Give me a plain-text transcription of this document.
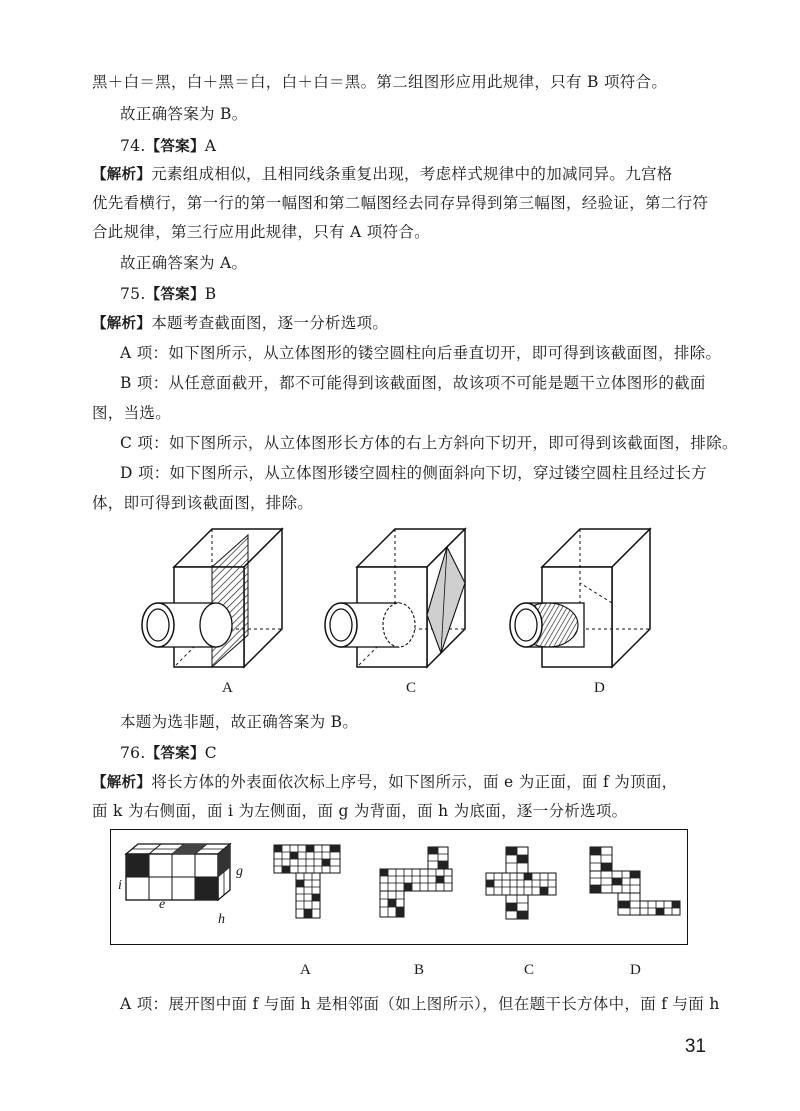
黑＋白＝黑，白＋黑＝白，白＋白＝黑。第二组图形应用此规律，只有 B 项符合。
故正确答案为 B。
74.【答案】A
【解析】元素组成相似，且相同线条重复出现，考虑样式规律中的加减同异。九宫格
优先看横行，第一行的第一幅图和第二幅图经去同存异得到第三幅图，经验证，第二行符
合此规律，第三行应用此规律，只有 A 项符合。
故正确答案为 A。
75.【答案】B
【解析】本题考查截面图，逐一分析选项。
A 项：如下图所示，从立体图形的镂空圆柱向后垂直切开，即可得到该截面图，排除。
B 项：从任意面截开，都不可能得到该截面图，故该项不可能是题干立体图形的截面
图，当选。
C 项：如下图所示，从立体图形长方体的右上方斜向下切开，即可得到该截面图，排除。
D 项：如下图所示，从立体图形镂空圆柱的侧面斜向下切，穿过镂空圆柱且经过长方
体，即可得到该截面图，排除。
A	C	D
本题为选非题，故正确答案为 B。
76.【答案】C
【解析】将长方体的外表面依次标上序号，如下图所示，面 e 为正面，面 f 为顶面，
面 k 为右侧面，面 i 为左侧面，面 g 为背面，面 h 为底面，逐一分析选项。
i
e
g
h
A	B	C	D
A 项：展开图中面 f 与面 h 是相邻面（如上图所示），但在题干长方体中，面 f 与面 h
31
